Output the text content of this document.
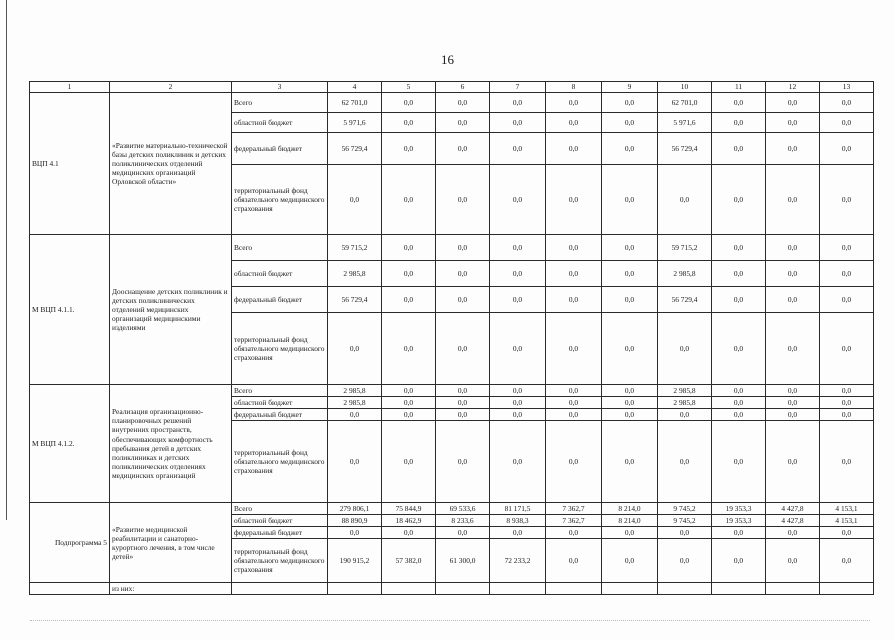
16
1	2	3	4	5	6	7	8	9	10	11	12	13
ВЦП 4.1	«Развитие материально-технической базы детских поликлиник и детских поликлинических отделений медицинских организаций Орловской области»	Всего	62 701,0	0,0	0,0	0,0	0,0	0,0	62 701,0	0,0	0,0	0,0
		областной бюджет	5 971,6	0,0	0,0	0,0	0,0	0,0	5 971,6	0,0	0,0	0,0
		федеральный бюджет	56 729,4	0,0	0,0	0,0	0,0	0,0	56 729,4	0,0	0,0	0,0
		территориальный фонд обязательного медицинского страхования	0,0	0,0	0,0	0,0	0,0	0,0	0,0	0,0	0,0	0,0
М ВЦП 4.1.1.	Дооснащение детских поликлиник и детских поликлинических отделений медицинских организаций медицинскими изделиями	Всего	59 715,2	0,0	0,0	0,0	0,0	0,0	59 715,2	0,0	0,0	0,0
		областной бюджет	2 985,8	0,0	0,0	0,0	0,0	0,0	2 985,8	0,0	0,0	0,0
		федеральный бюджет	56 729,4	0,0	0,0	0,0	0,0	0,0	56 729,4	0,0	0,0	0,0
		территориальный фонд обязательного медицинского страхования	0,0	0,0	0,0	0,0	0,0	0,0	0,0	0,0	0,0	0,0
М ВЦП 4.1.2.	Реализация организационно-планировочных решений внутренних пространств, обеспечивающих комфортность пребывания детей в детских поликлиниках и детских поликлинических отделениях медицинских организаций	Всего	2 985,8	0,0	0,0	0,0	0,0	0,0	2 985,8	0,0	0,0	0,0
		областной бюджет	2 985,8	0,0	0,0	0,0	0,0	0,0	2 985,8	0,0	0,0	0,0
		федеральный бюджет	0,0	0,0	0,0	0,0	0,0	0,0	0,0	0,0	0,0	0,0
		территориальный фонд обязательного медицинского страхования	0,0	0,0	0,0	0,0	0,0	0,0	0,0	0,0	0,0	0,0
Подпрограмма 5	«Развитие медицинской реабилитации и санаторно-курортного лечения, в том числе детей»	Всего	279 806,1	75 844,9	69 533,6	81 171,5	7 362,7	8 214,0	9 745,2	19 353,3	4 427,8	4 153,1
		областной бюджет	88 890,9	18 462,9	8 233,6	8 938,3	7 362,7	8 214,0	9 745,2	19 353,3	4 427,8	4 153,1
		федеральный бюджет	0,0	0,0	0,0	0,0	0,0	0,0	0,0	0,0	0,0	0,0
		территориальный фонд обязательного медицинского страхования	190 915,2	57 382,0	61 300,0	72 233,2	0,0	0,0	0,0	0,0	0,0	0,0
	из них:											
